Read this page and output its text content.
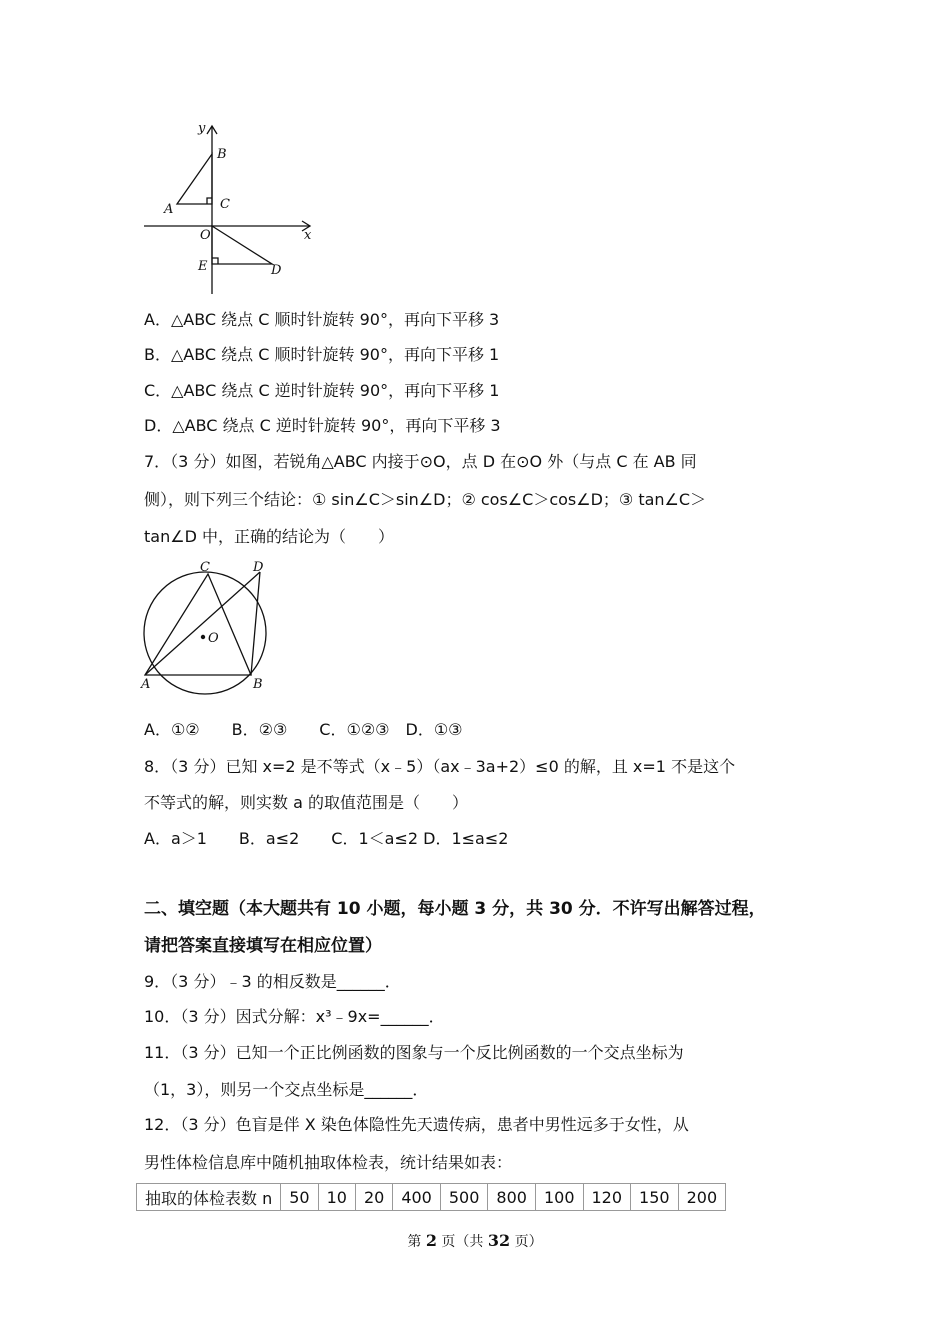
y
B
A	C
O	x
E	D
A．△ABC 绕点 C 顺时针旋转 90°，再向下平移 3
B．△ABC 绕点 C 顺时针旋转 90°，再向下平移 1
C．△ABC 绕点 C 逆时针旋转 90°，再向下平移 1
D．△ABC 绕点 C 逆时针旋转 90°，再向下平移 3
7．（3 分）如图，若锐角△ABC 内接于⊙O，点 D 在⊙O 外（与点 C 在 AB 同
侧），则下列三个结论：① sin∠C＞sin∠D；② cos∠C＞cos∠D；③ tan∠C＞
tan∠D 中，正确的结论为（　　）
C	D
O
A	B
A．①②　　B．②③　　C．①②③　D．①③
8．（3 分）已知 x=2 是不等式（x﹣5）（ax﹣3a+2）≤0 的解，且 x=1 不是这个
不等式的解，则实数 a 的取值范围是（　　）
A．a＞1　　B．a≤2　　C．1＜a≤2 D．1≤a≤2
二、填空题（本大题共有 10 小题，每小题 3 分，共 30 分．不许写出解答过程，
请把答案直接填写在相应位置）
9．（3 分）﹣3 的相反数是______．
10．（3 分）因式分解：x³﹣9x=______．
11．（3 分）已知一个正比例函数的图象与一个反比例函数的一个交点坐标为
（1，3），则另一个交点坐标是______．
12．（3 分）色盲是伴 X 染色体隐性先天遗传病，患者中男性远多于女性，从
男性体检信息库中随机抽取体检表，统计结果如表：
抽取的体检表数 n	50	10	20	400	500	800	100	120	150	200
第 2 页（共 32 页）
